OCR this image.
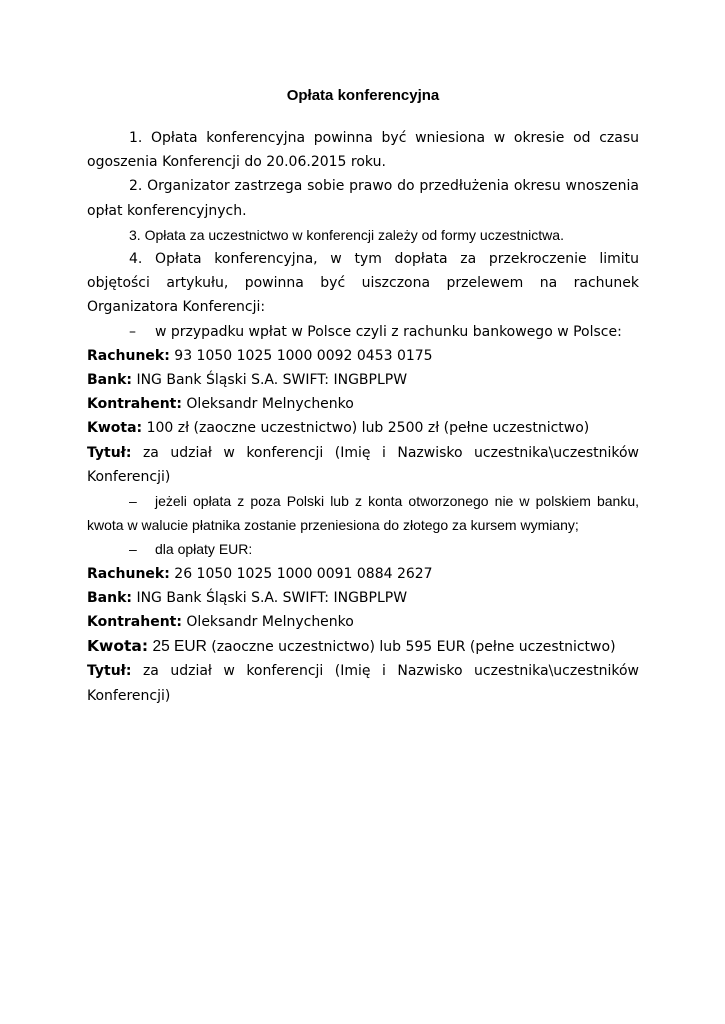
Opłata konferencyjna

1. Opłata konferencyjna powinna być wniesiona w okresie od czasu ogoszenia Konferencji do 20.06.2015 roku.

2. Organizator zastrzega sobie prawo do przedłużenia okresu wnoszenia opłat konferencyjnych.

3. Opłata za uczestnictwo w konferencji zależy od formy uczestnictwa.

4. Opłata konferencyjna, w tym dopłata za przekroczenie limitu objętości artykułu, powinna być uiszczona przelewem na rachunek Organizatora Konferencji:

– w przypadku wpłat w Polsce czyli z rachunku bankowego w Polsce:

Rachunek: 93 1050 1025 1000 0092 0453 0175

Bank: ING Bank Śląski S.A. SWIFT: INGBPLPW

Kontrahent: Oleksandr Melnychenko

Kwota: 100 zł (zaoczne uczestnictwo) lub 2500 zł (pełne uczestnictwo)

Tytuł: za udział w konferencji (Imię i Nazwisko uczestnika\uczestników Konferencji)

– jeżeli opłata z poza Polski lub z konta otworzonego nie w polskiem banku, kwota w walucie płatnika zostanie przeniesiona do złotego za kursem wymiany;

– dla opłaty EUR:

Rachunek: 26 1050 1025 1000 0091 0884 2627

Bank: ING Bank Śląski S.A. SWIFT: INGBPLPW

Kontrahent: Oleksandr Melnychenko

Kwota: 25 EUR (zaoczne uczestnictwo) lub 595 EUR (pełne uczestnictwo)

Tytuł: za udział w konferencji (Imię i Nazwisko uczestnika\uczestników Konferencji)
